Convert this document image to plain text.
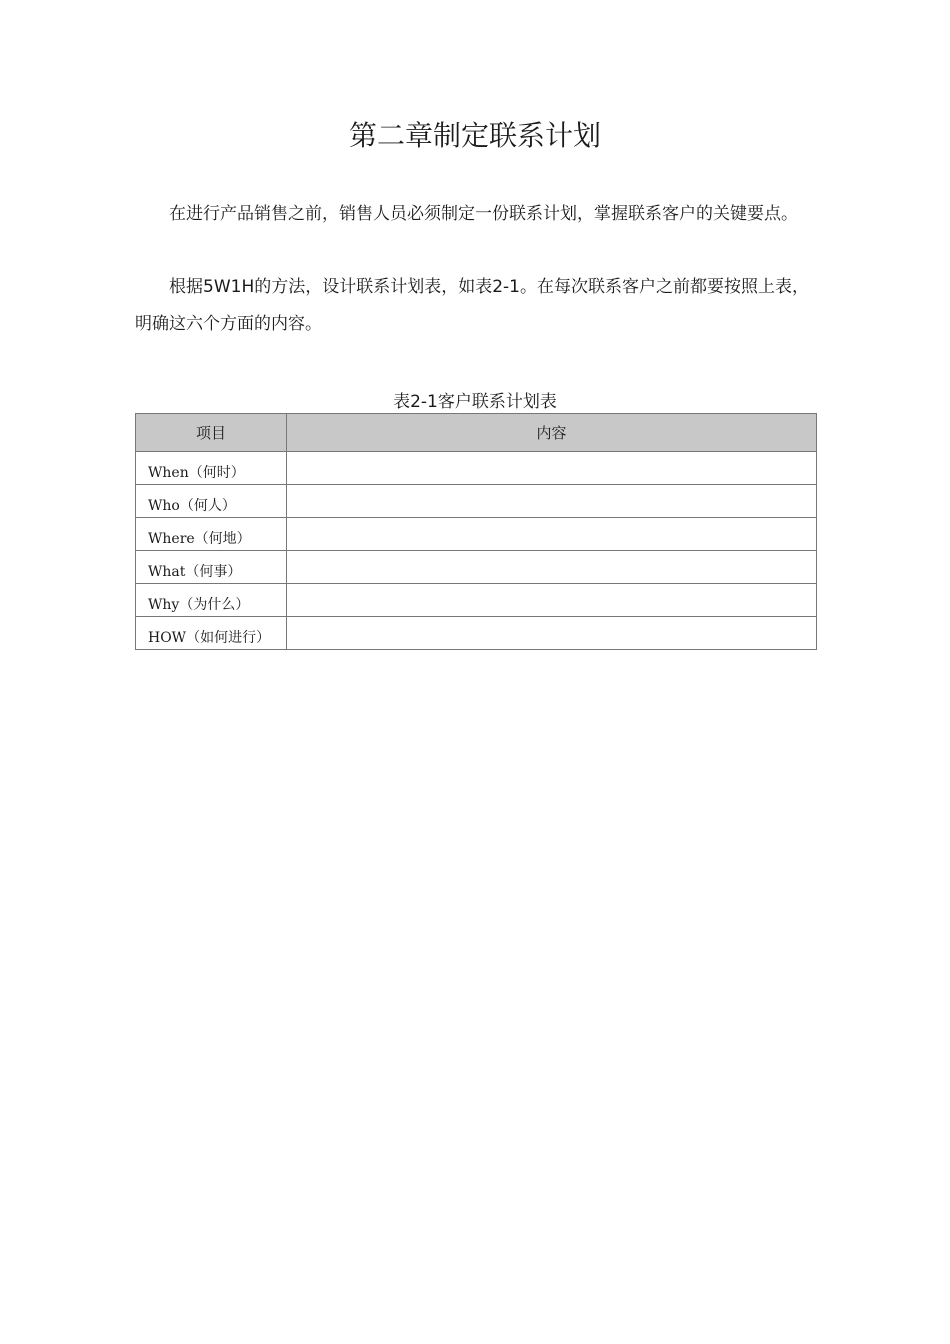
第二章制定联系计划

在进行产品销售之前，销售人员必须制定一份联系计划，掌握联系客户的关键要点。

根据5W1H的方法，设计联系计划表，如表2-1。在每次联系客户之前都要按照上表，明确这六个方面的内容。

表2-1客户联系计划表
项目	内容
When（何时）	
Who（何人）	
Where（何地）	
What（何事）	
Why（为什么）	
HOW（如何进行）	
